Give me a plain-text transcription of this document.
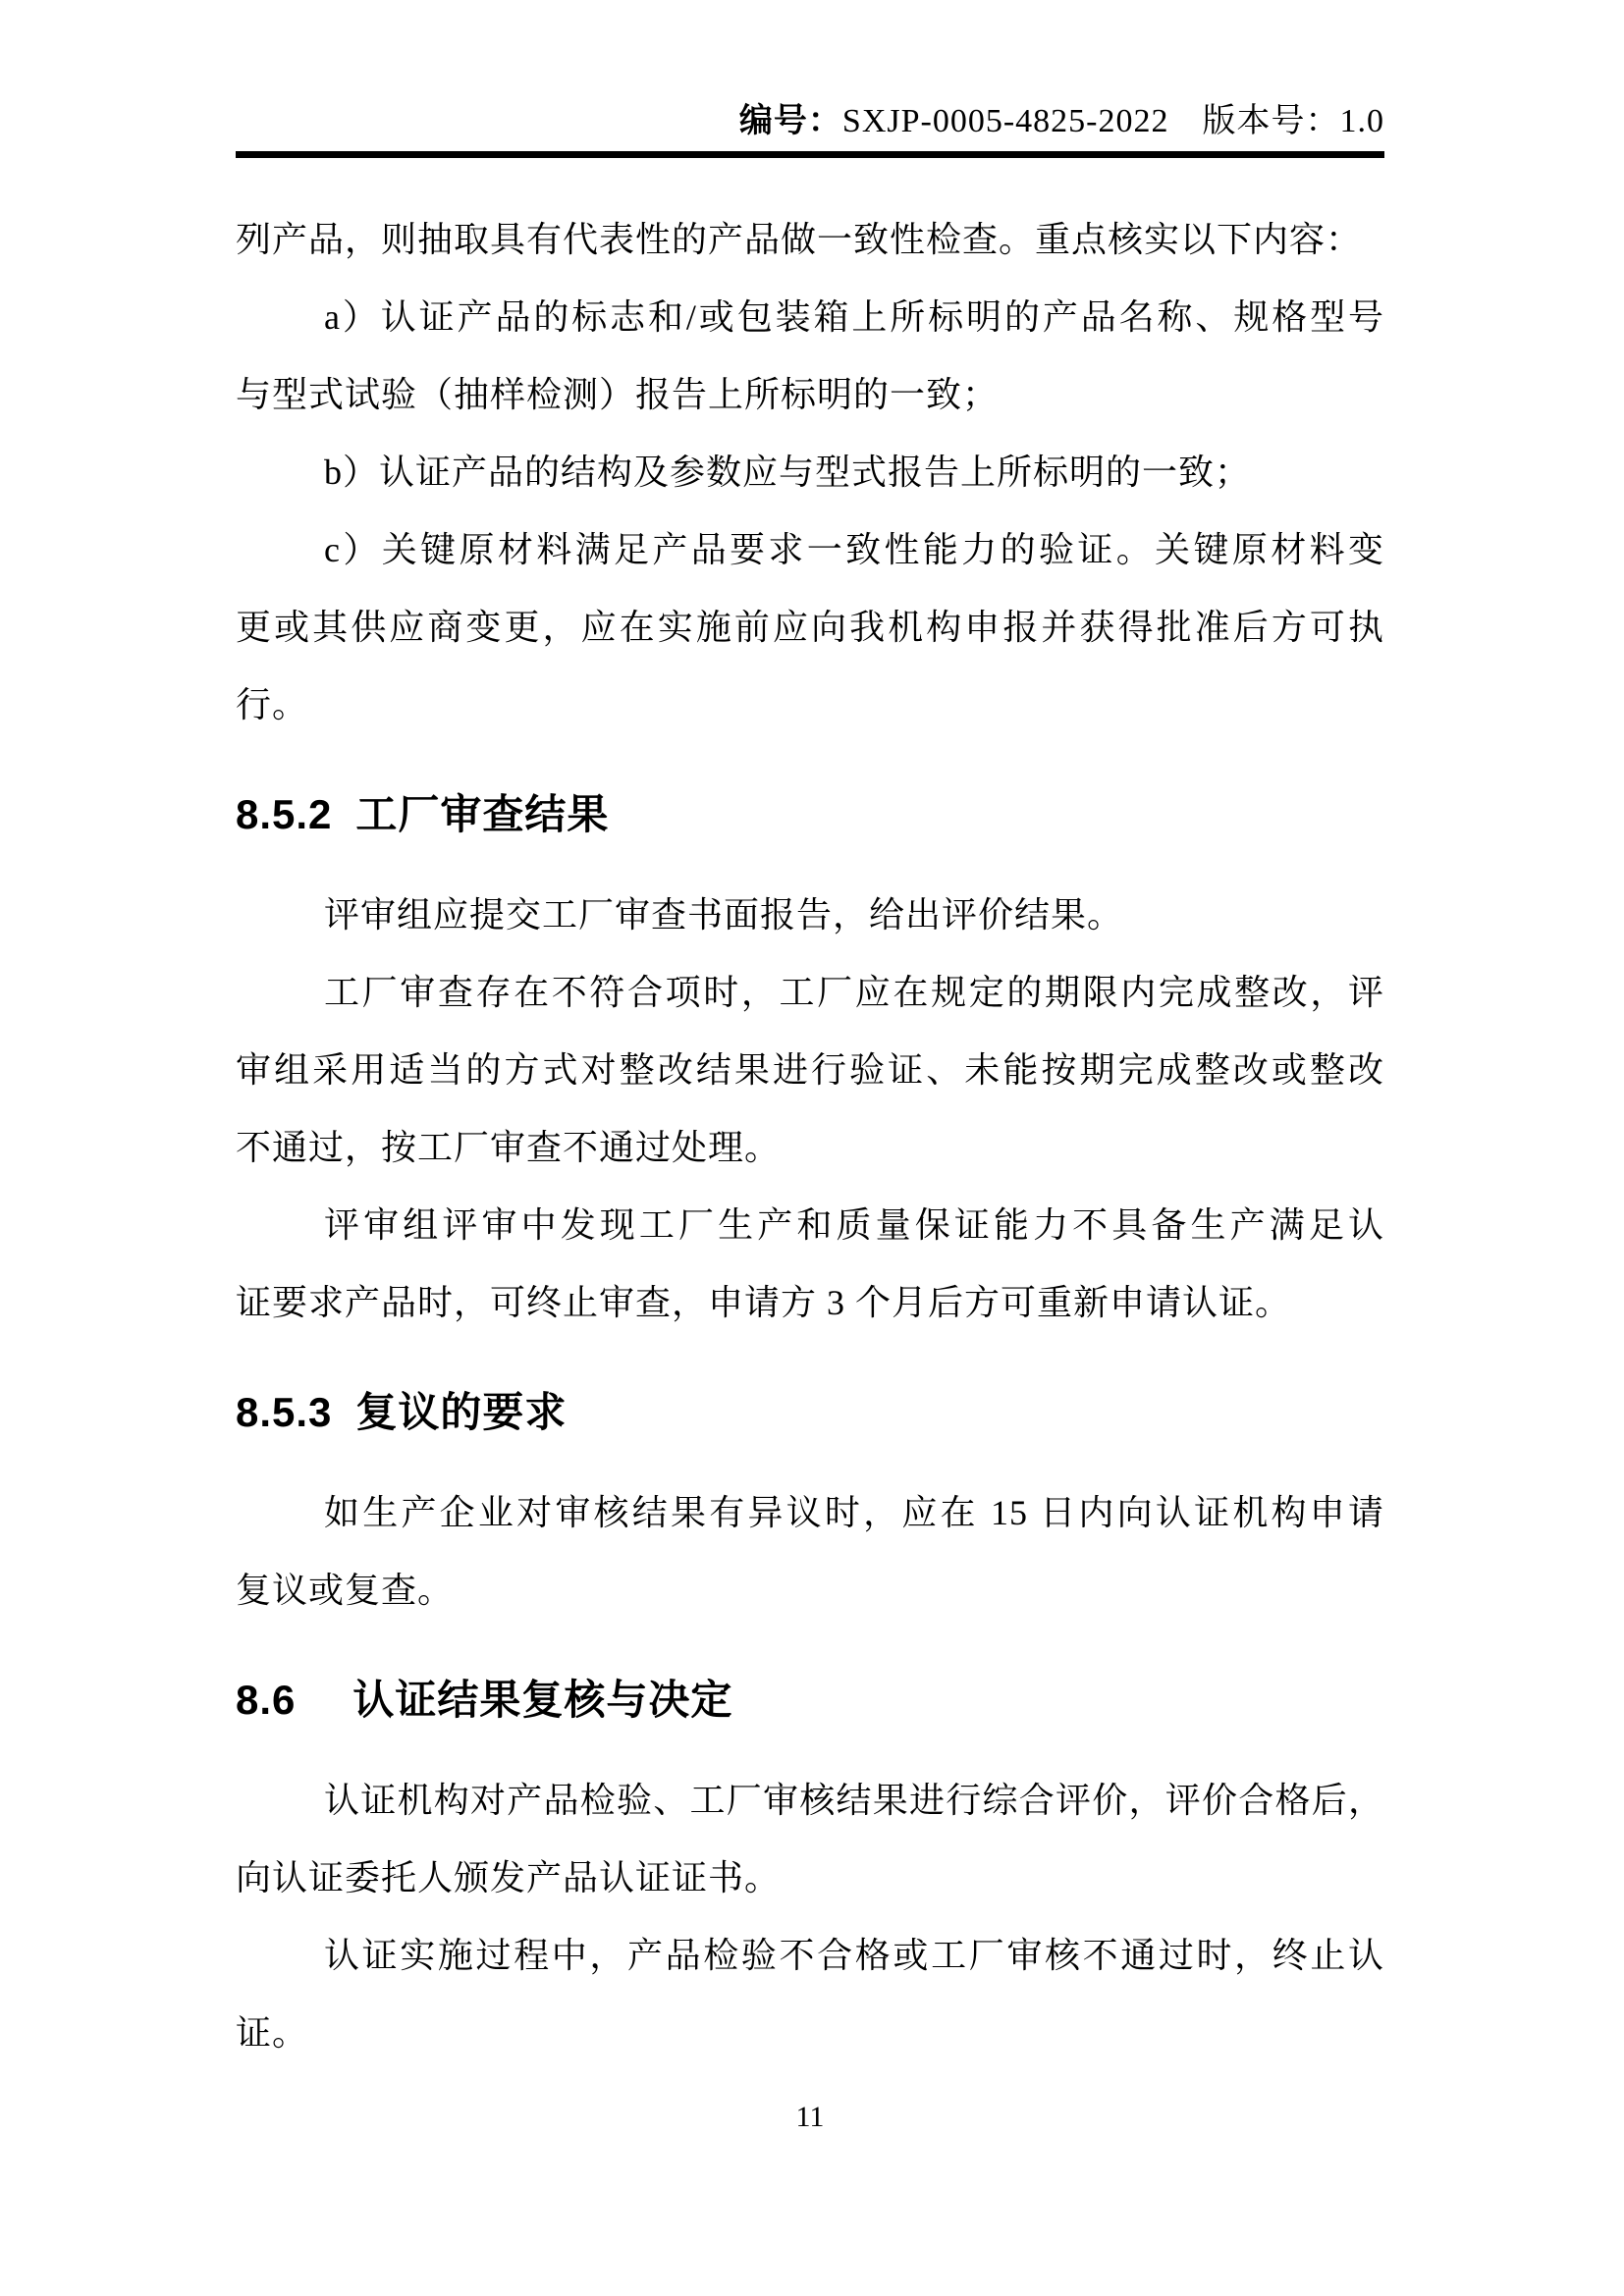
编号：SXJP-0005-4825-2022 版本号：1.0
列产品，则抽取具有代表性的产品做一致性检查。重点核实以下内容：
a）认证产品的标志和/或包装箱上所标明的产品名称、规格型号
与型式试验（抽样检测）报告上所标明的一致；
b）认证产品的结构及参数应与型式报告上所标明的一致；
c）关键原材料满足产品要求一致性能力的验证。关键原材料变
更或其供应商变更，应在实施前应向我机构申报并获得批准后方可执
行。
8.5.2 工厂审查结果
评审组应提交工厂审查书面报告，给出评价结果。
工厂审查存在不符合项时，工厂应在规定的期限内完成整改，评
审组采用适当的方式对整改结果进行验证、未能按期完成整改或整改
不通过，按工厂审查不通过处理。
评审组评审中发现工厂生产和质量保证能力不具备生产满足认
证要求产品时，可终止审查，申请方 3 个月后方可重新申请认证。
8.5.3 复议的要求
如生产企业对审核结果有异议时，应在 15 日内向认证机构申请
复议或复查。
8.6 认证结果复核与决定
认证机构对产品检验、工厂审核结果进行综合评价，评价合格后，
向认证委托人颁发产品认证证书。
认证实施过程中，产品检验不合格或工厂审核不通过时，终止认
证。
11
